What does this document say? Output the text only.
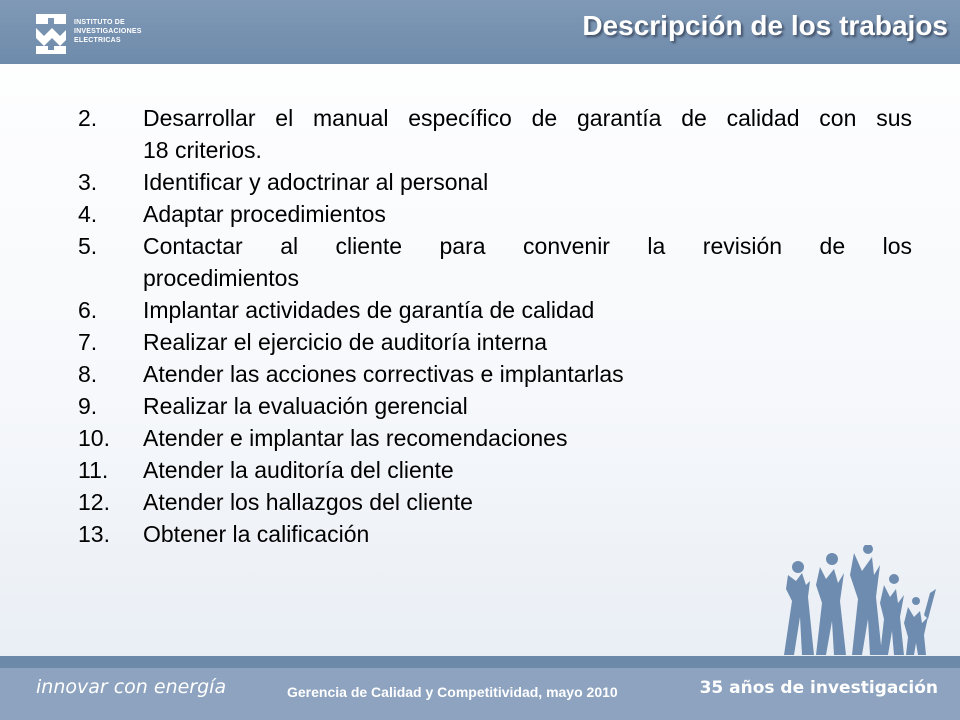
INSTITUTO DE
INVESTIGACIONES
ELECTRICAS	Descripción de los trabajos
2.	Desarrollar el manual específico de garantía de calidad con sus
18 criterios.
3.	Identificar y adoctrinar al personal
4.	Adaptar procedimientos
5.	Contactar al cliente para convenir la revisión de los
procedimientos
6.	Implantar actividades de garantía de calidad
7.	Realizar el ejercicio de auditoría interna
8.	Atender las acciones correctivas e implantarlas
9.	Realizar la evaluación gerencial
10.	Atender e implantar las recomendaciones
11.	Atender la auditoría del cliente
12.	Atender los hallazgos del cliente
13.	Obtener la calificación
innovar con energía	Gerencia de Calidad y Competitividad, mayo 2010	35 años de investigación
